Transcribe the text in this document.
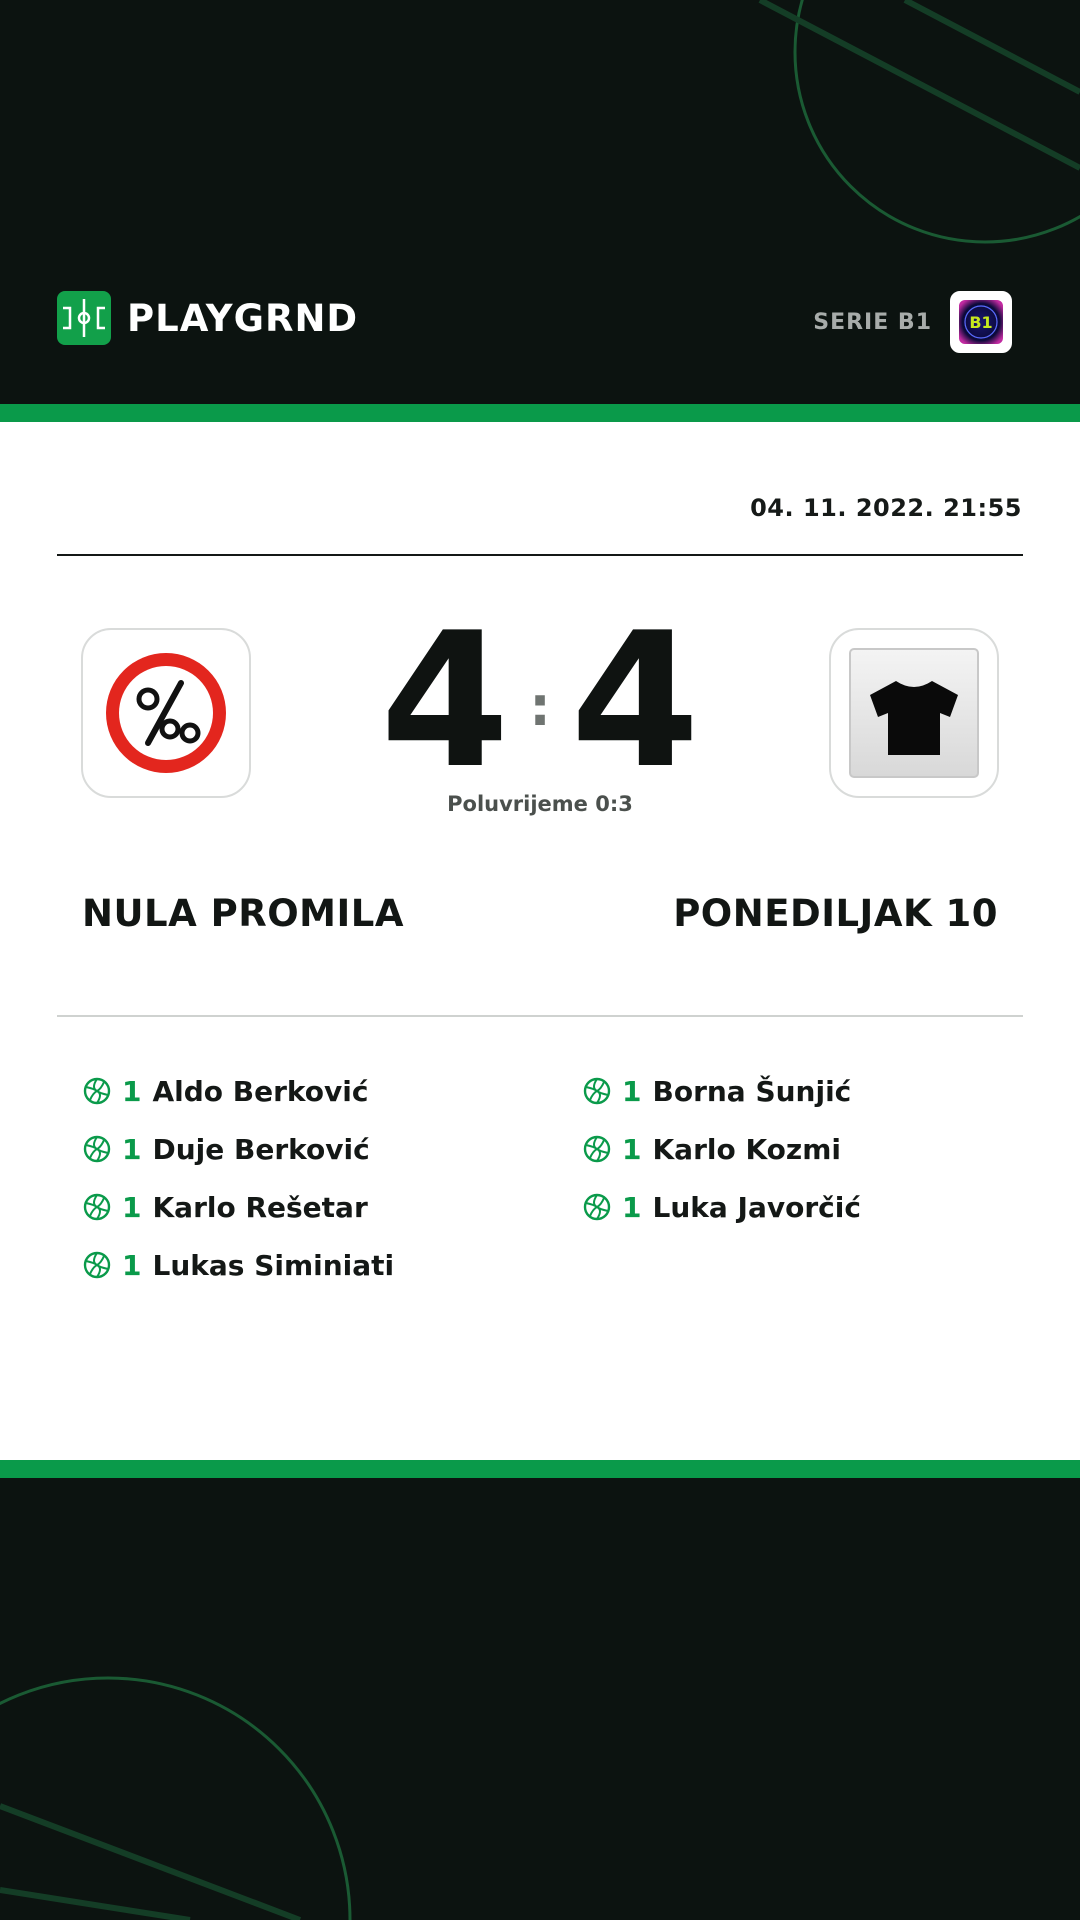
PLAYGRND	SERIE B1 B1
04. 11. 2022. 21:55
4 : 4
Poluvrijeme 0:3
NULA PROMILA	PONEDILJAK 10
1 Aldo Berković
1 Duje Berković
1 Karlo Rešetar
1 Lukas Siminiati
1 Borna Šunjić
1 Karlo Kozmi
1 Luka Javorčić
